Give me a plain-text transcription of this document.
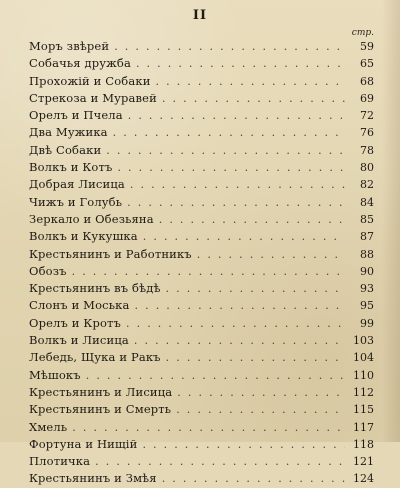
II
стр.
Моръ звѣрей . . .	59
Собачья дружба . . .	65
Прохожій и Собаки . . .	68
Стрекоза и Муравей . . .	69
Орелъ и Пчела . . .	72
Два Мужика . . .	76
Двѣ Собаки . . .	78
Волкъ и Котъ . . .	80
Добрая Лисица . . .	82
Чижъ и Голубь . . .	84
Зеркало и Обезьяна . . .	85
Волкъ и Кукушка . . .	87
Крестьянинъ и Работникъ . . .	88
Обозъ . . .	90
Крестьянинъ въ бѣдѣ . . .	93
Слонъ и Моська . . .	95
Орелъ и Кротъ . . .	99
Волкъ и Лисица . . .	103
Лебедь, Щука и Ракъ . . .	104
Мѣшокъ . . .	110
Крестьянинъ и Лисица . . .	112
Крестьянинъ и Смерть . . .	115
Хмель . . .	117
Фортуна и Нищій . . .	118
Плотичка . . .	121
Крестьянинъ и Змѣя . . .	124
